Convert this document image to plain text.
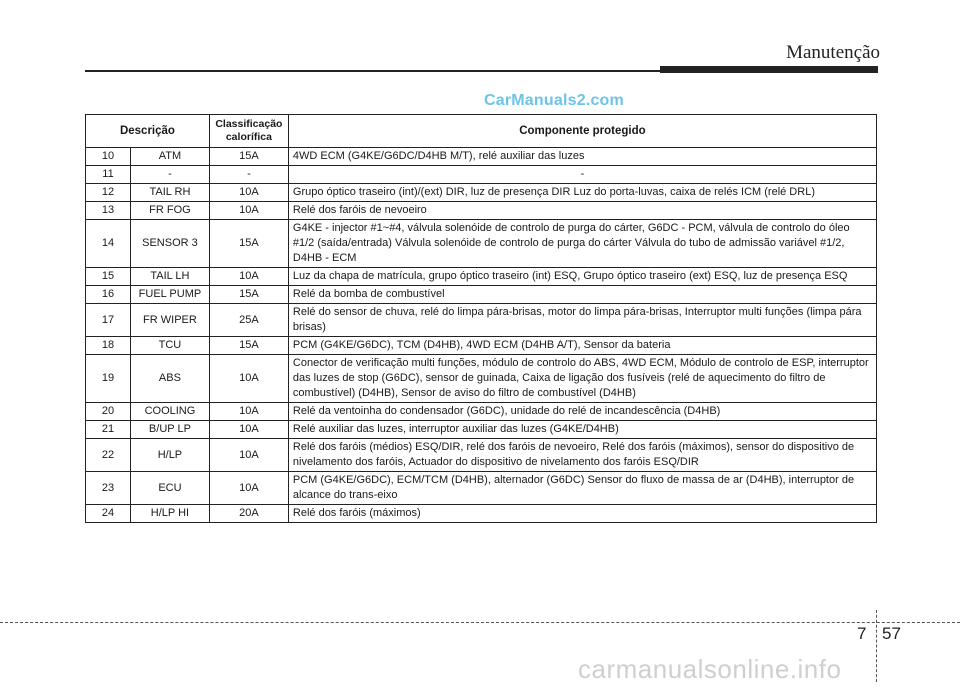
Manutenção
CarManuals2.com
Descrição		Classificação calorífica	Componente protegido
10	ATM	15A	4WD ECM (G4KE/G6DC/D4HB M/T), relé auxiliar das luzes
11	-	-	-
12	TAIL RH	10A	Grupo óptico traseiro (int)/(ext) DIR, luz de presença DIR Luz do porta-luvas, caixa de relés ICM (relé DRL)
13	FR FOG	10A	Relé dos faróis de nevoeiro
14	SENSOR 3	15A	G4KE - injector #1~#4, válvula solenóide de controlo de purga do cárter, G6DC - PCM, válvula de controlo do óleo #1/2 (saída/entrada) Válvula solenóide de controlo de purga do cárter Válvula do tubo de admissão variável #1/2, D4HB - ECM
15	TAIL LH	10A	Luz da chapa de matrícula, grupo óptico traseiro (int) ESQ, Grupo óptico traseiro (ext) ESQ, luz de presença ESQ
16	FUEL PUMP	15A	Relé da bomba de combustível
17	FR WIPER	25A	Relé do sensor de chuva, relé do limpa pára-brisas, motor do limpa pára-brisas, Interruptor multi funções (limpa pára brisas)
18	TCU	15A	PCM (G4KE/G6DC), TCM (D4HB), 4WD ECM (D4HB A/T), Sensor da bateria
19	ABS	10A	Conector de verificação multi funções, módulo de controlo do ABS, 4WD ECM, Módulo de controlo de ESP, interruptor das luzes de stop (G6DC), sensor de guinada, Caixa de ligação dos fusíveis (relé de aquecimento do filtro de combustível) (D4HB), Sensor de aviso do filtro de combustível (D4HB)
20	COOLING	10A	Relé da ventoinha do condensador (G6DC), unidade do relé de incandescência (D4HB)
21	B/UP LP	10A	Relé auxiliar das luzes, interruptor auxiliar das luzes (G4KE/D4HB)
22	H/LP	10A	Relé dos faróis (médios) ESQ/DIR, relé dos faróis de nevoeiro, Relé dos faróis (máximos), sensor do dispositivo de nivelamento dos faróis, Actuador do dispositivo de nivelamento dos faróis ESQ/DIR
23	ECU	10A	PCM (G4KE/G6DC), ECM/TCM (D4HB), alternador (G6DC) Sensor do fluxo de massa de ar (D4HB), interruptor de alcance do trans-eixo
24	H/LP HI	20A	Relé dos faróis (máximos)
7 57
carmanualsonline.info
